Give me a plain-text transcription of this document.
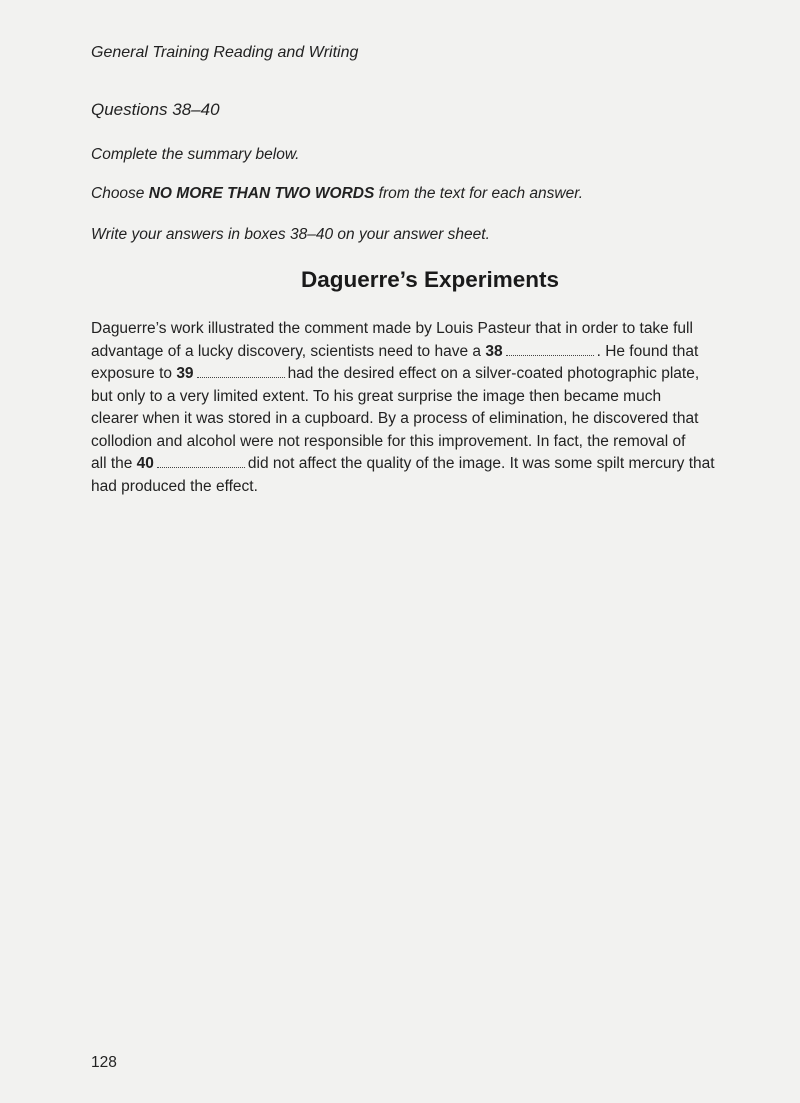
General Training Reading and Writing
Questions 38–40
Complete the summary below.
Choose NO MORE THAN TWO WORDS from the text for each answer.
Write your answers in boxes 38–40 on your answer sheet.
Daguerre’s Experiments
Daguerre’s work illustrated the comment made by Louis Pasteur that in order to take full
advantage of a lucky discovery, scientists need to have a 38	. He found that
exposure to 39	had the desired effect on a silver-coated photographic plate,
but only to a very limited extent. To his great surprise the image then became much
clearer when it was stored in a cupboard. By a process of elimination, he discovered that
collodion and alcohol were not responsible for this improvement. In fact, the removal of
all the 40	did not affect the quality of the image. It was some spilt mercury that
had produced the effect.
128
